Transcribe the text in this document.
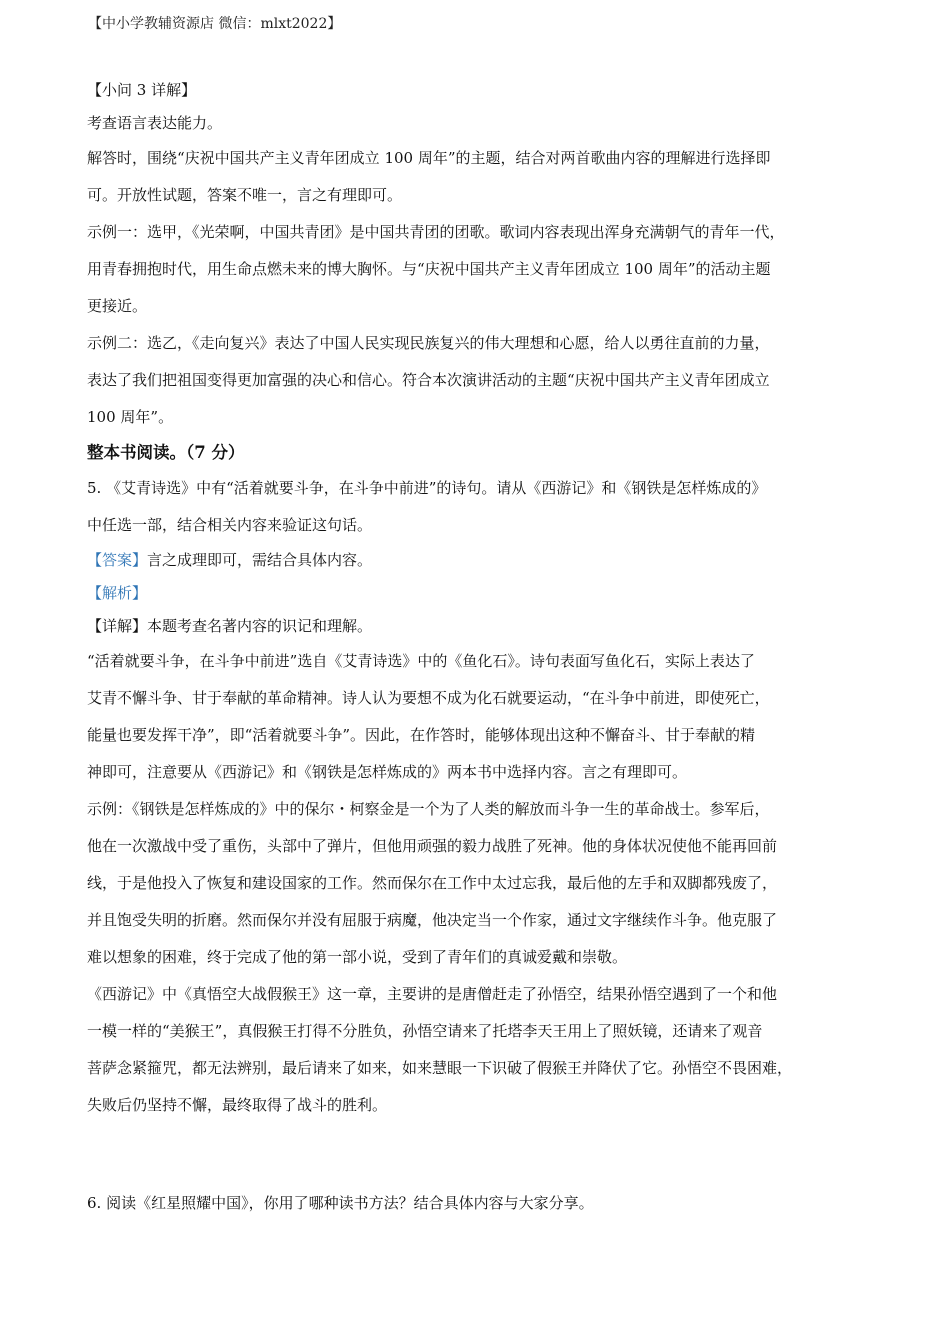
【中小学教辅资源店 微信：mlxt2022】
【小问 3 详解】
考查语言表达能力。
解答时，围绕“庆祝中国共产主义青年团成立 100 周年”的主题，结合对两首歌曲内容的理解进行选择即
可。开放性试题，答案不唯一，言之有理即可。
示例一：选甲，《光荣啊，中国共青团》是中国共青团的团歌。歌词内容表现出浑身充满朝气的青年一代，
用青春拥抱时代，用生命点燃未来的博大胸怀。与“庆祝中国共产主义青年团成立 100 周年”的活动主题
更接近。
示例二：选乙，《走向复兴》表达了中国人民实现民族复兴的伟大理想和心愿，给人以勇往直前的力量，
表达了我们把祖国变得更加富强的决心和信心。符合本次演讲活动的主题“庆祝中国共产主义青年团成立
100 周年”。
整本书阅读。（7 分）
5. 《艾青诗选》中有“活着就要斗争，在斗争中前进”的诗句。请从《西游记》和《钢铁是怎样炼成的》
中任选一部，结合相关内容来验证这句话。
【答案】言之成理即可，需结合具体内容。
【解析】
【详解】本题考查名著内容的识记和理解。
“活着就要斗争，在斗争中前进”选自《艾青诗选》中的《鱼化石》。诗句表面写鱼化石，实际上表达了
艾青不懈斗争、甘于奉献的革命精神。诗人认为要想不成为化石就要运动，“在斗争中前进，即使死亡，
能量也要发挥干净”，即“活着就要斗争”。因此，在作答时，能够体现出这种不懈奋斗、甘于奉献的精
神即可，注意要从《西游记》和《钢铁是怎样炼成的》两本书中选择内容。言之有理即可。
示例：《钢铁是怎样炼成的》中的保尔・柯察金是一个为了人类的解放而斗争一生的革命战士。参军后，
他在一次激战中受了重伤，头部中了弹片，但他用顽强的毅力战胜了死神。他的身体状况使他不能再回前
线，于是他投入了恢复和建设国家的工作。然而保尔在工作中太过忘我，最后他的左手和双脚都残废了，
并且饱受失明的折磨。然而保尔并没有屈服于病魔，他决定当一个作家，通过文字继续作斗争。他克服了
难以想象的困难，终于完成了他的第一部小说，受到了青年们的真诚爱戴和崇敬。
《西游记》中《真悟空大战假猴王》这一章，主要讲的是唐僧赶走了孙悟空，结果孙悟空遇到了一个和他
一模一样的“美猴王”，真假猴王打得不分胜负，孙悟空请来了托塔李天王用上了照妖镜，还请来了观音
菩萨念紧箍咒，都无法辨别，最后请来了如来，如来慧眼一下识破了假猴王并降伏了它。孙悟空不畏困难，
失败后仍坚持不懈，最终取得了战斗的胜利。
6. 阅读《红星照耀中国》，你用了哪种读书方法？结合具体内容与大家分享。
